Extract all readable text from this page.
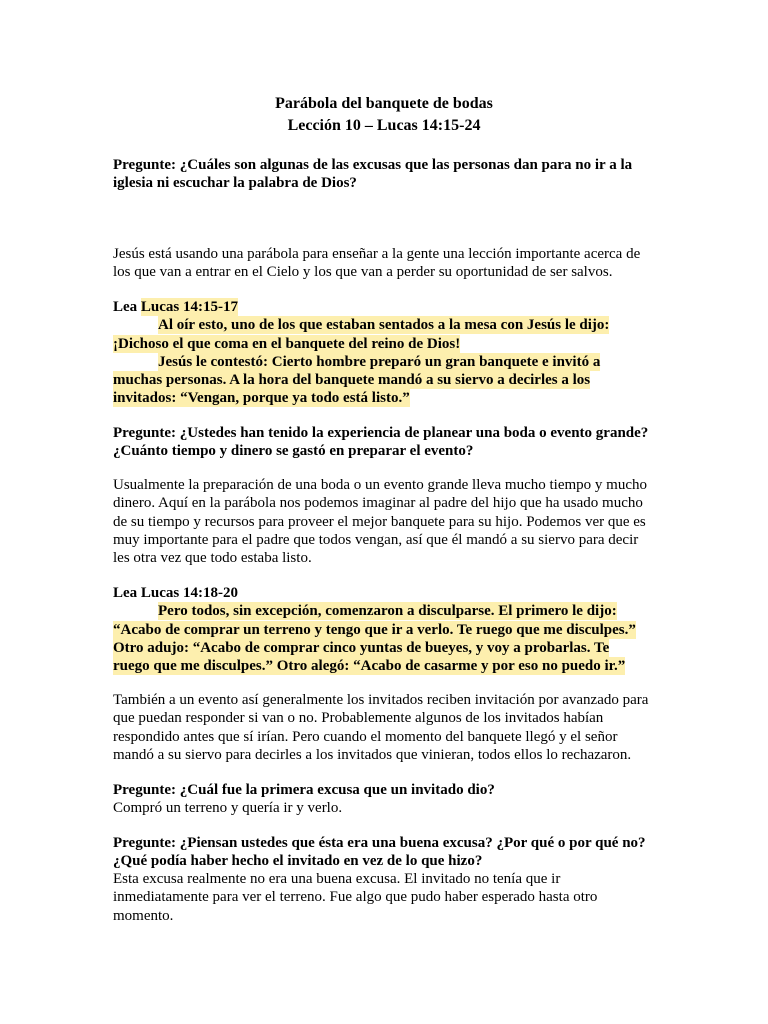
Parábola del banquete de bodas
Lección 10 – Lucas 14:15-24

Pregunte: ¿Cuáles son algunas de las excusas que las personas dan para no ir a la iglesia ni escuchar la palabra de Dios?

Jesús está usando una parábola para enseñar a la gente una lección importante acerca de los que van a entrar en el Cielo y los que van a perder su oportunidad de ser salvos.

Lea Lucas 14:15-17
Al oír esto, uno de los que estaban sentados a la mesa con Jesús le dijo:
¡Dichoso el que coma en el banquete del reino de Dios!
Jesús le contestó: Cierto hombre preparó un gran banquete e invitó a
muchas personas. A la hora del banquete mandó a su siervo a decirles a los
invitados: “Vengan, porque ya todo está listo.”

Pregunte: ¿Ustedes han tenido la experiencia de planear una boda o evento grande? ¿Cuánto tiempo y dinero se gastó en preparar el evento?

Usualmente la preparación de una boda o un evento grande lleva mucho tiempo y mucho dinero. Aquí en la parábola nos podemos imaginar al padre del hijo que ha usado mucho de su tiempo y recursos para proveer el mejor banquete para su hijo. Podemos ver que es muy importante para el padre que todos vengan, así que él mandó a su siervo para decir les otra vez que todo estaba listo.

Lea Lucas 14:18-20
Pero todos, sin excepción, comenzaron a disculparse. El primero le dijo:
“Acabo de comprar un terreno y tengo que ir a verlo. Te ruego que me disculpes.”
Otro adujo: “Acabo de comprar cinco yuntas de bueyes, y voy a probarlas. Te
ruego que me disculpes.” Otro alegó: “Acabo de casarme y por eso no puedo ir.”

También a un evento así generalmente los invitados reciben invitación por avanzado para que puedan responder si van o no. Probablemente algunos de los invitados habían respondido antes que sí irían. Pero cuando el momento del banquete llegó y el señor mandó a su siervo para decirles a los invitados que vinieran, todos ellos lo rechazaron.

Pregunte: ¿Cuál fue la primera excusa que un invitado dio?

Compró un terreno y quería ir y verlo.

Pregunte: ¿Piensan ustedes que ésta era una buena excusa? ¿Por qué o por qué no? ¿Qué podía haber hecho el invitado en vez de lo que hizo?

Esta excusa realmente no era una buena excusa. El invitado no tenía que ir inmediatamente para ver el terreno. Fue algo que pudo haber esperado hasta otro momento.
